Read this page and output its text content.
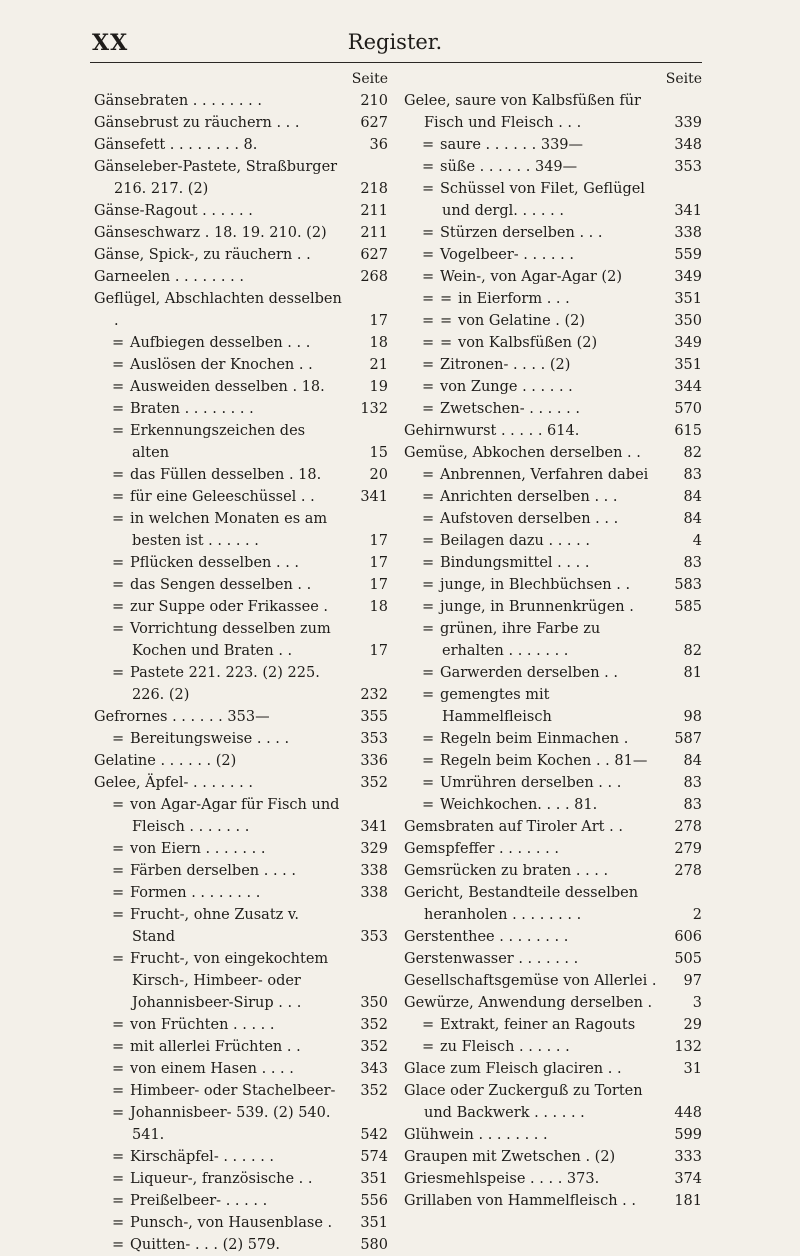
XX	Register.
Seite
Gänsebraten . . . . . . . .	210
Gänsebrust zu räuchern . . .	627
Gänsefett . . . . . . . . 8.	36
Gänseleber-Pastete, Straßburger 216. 217. (2)	218
Gänse-Ragout . . . . . .	211
Gänseschwarz . 18. 19. 210. (2)	211
Gänse, Spick-, zu räuchern . .	627
Garneelen . . . . . . . .	268
Geflügel, Abschlachten desselben .	17
= Aufbiegen desselben . . .	18
= Auslösen der Knochen . .	21
= Ausweiden desselben . 18.	19
= Braten . . . . . . . .	132
= Erkennungszeichen des alten	15
= das Füllen desselben . 18.	20
= für eine Geleeschüssel . .	341
= in welchen Monaten es am besten ist . . . . . .	17
= Pflücken desselben . . .	17
= das Sengen desselben . .	17
= zur Suppe oder Frikassee .	18
= Vorrichtung desselben zum Kochen und Braten . .	17
= Pastete 221. 223. (2) 225. 226. (2)	232
Gefrornes . . . . . . 353—	355
= Bereitungsweise . . . .	353
Gelatine . . . . . . (2)	336
Gelee, Äpfel- . . . . . . .	352
= von Agar-Agar für Fisch und Fleisch . . . . . . .	341
= von Eiern . . . . . . .	329
= Färben derselben . . . .	338
= Formen . . . . . . . .	338
= Frucht-, ohne Zusatz v. Stand	353
= Frucht-, von eingekochtem Kirsch-, Himbeer- oder Johannisbeer-Sirup . . .	350
= von Früchten . . . . .	352
= mit allerlei Früchten . .	352
= von einem Hasen . . . .	343
= Himbeer- oder Stachelbeer-	352
= Johannisbeer- 539. (2) 540. 541.	542
= Kirschäpfel- . . . . . .	574
= Liqueur-, französische . .	351
= Preißelbeer- . . . . .	556
= Punsch-, von Hausenblase .	351
= Quitten- . . . (2) 579.	580
Seite
Gelee, saure von Kalbsfüßen für Fisch und Fleisch . . .	339
= saure . . . . . . 339—	348
= süße . . . . . . 349—	353
= Schüssel von Filet, Geflügel und dergl. . . . . .	341
= Stürzen derselben . . .	338
= Vogelbeer- . . . . . .	559
= Wein-, von Agar-Agar (2)	349
= = in Eierform . . .	351
= = von Gelatine . (2)	350
= = von Kalbsfüßen (2)	349
= Zitronen- . . . . (2)	351
= von Zunge . . . . . .	344
= Zwetschen- . . . . . .	570
Gehirnwurst . . . . . 614.	615
Gemüse, Abkochen derselben . .	82
= Anbrennen, Verfahren dabei	83
= Anrichten derselben . . .	84
= Aufstoven derselben . . .	84
= Beilagen dazu . . . . .	4
= Bindungsmittel . . . .	83
= junge, in Blechbüchsen . .	583
= junge, in Brunnenkrügen .	585
= grünen, ihre Farbe zu erhalten . . . . . . .	82
= Garwerden derselben . .	81
= gemengtes mit Hammelfleisch	98
= Regeln beim Einmachen .	587
= Regeln beim Kochen . . 81—	84
= Umrühren derselben . . .	83
= Weichkochen. . . . 81.	83
Gemsbraten auf Tiroler Art . .	278
Gemspfeffer . . . . . . .	279
Gemsrücken zu braten . . . .	278
Gericht, Bestandteile desselben heranholen . . . . . . . .	2
Gerstenthee . . . . . . . .	606
Gerstenwasser . . . . . . .	505
Gesellschaftsgemüse von Allerlei .	97
Gewürze, Anwendung derselben .	3
= Extrakt, feiner an Ragouts	29
= zu Fleisch . . . . . .	132
Glace zum Fleisch glaciren . .	31
Glace oder Zuckerguß zu Torten und Backwerk . . . . . .	448
Glühwein . . . . . . . .	599
Graupen mit Zwetschen . (2)	333
Griesmehlspeise . . . . 373.	374
Grillaben von Hammelfleisch . .	181
